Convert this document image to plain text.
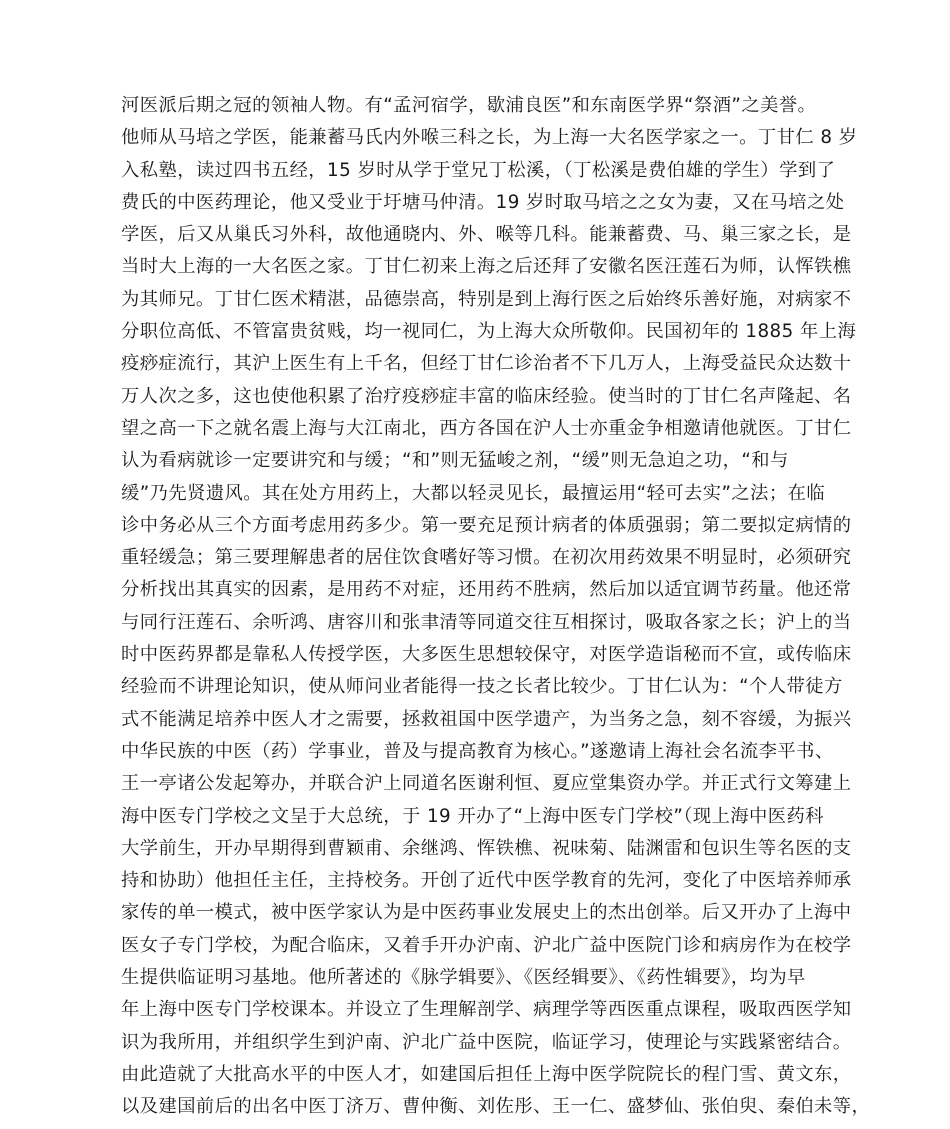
河医派后期之冠的领袖人物。有“孟河宿学，歇浦良医”和东南医学界“祭酒”之美誉。
他师从马培之学医，能兼蓄马氏内外喉三科之长，为上海一大名医学家之一。丁甘仁 8 岁
入私塾，读过四书五经，15 岁时从学于堂兄丁松溪，（丁松溪是费伯雄的学生）学到了
费氏的中医药理论，他又受业于圩塘马仲清。19 岁时取马培之之女为妻，又在马培之处
学医，后又从巢氏习外科，故他通晓内、外、喉等几科。能兼蓄费、马、巢三家之长，是
当时大上海的一大名医之家。丁甘仁初来上海之后还拜了安徽名医汪莲石为师，认恽铁樵
为其师兄。丁甘仁医术精湛，品德崇高，特别是到上海行医之后始终乐善好施，对病家不
分职位高低、不管富贵贫贱，均一视同仁，为上海大众所敬仰。民国初年的 1885 年上海
疫痧症流行，其沪上医生有上千名，但经丁甘仁诊治者不下几万人，上海受益民众达数十
万人次之多，这也使他积累了治疗疫痧症丰富的临床经验。使当时的丁甘仁名声隆起、名
望之高一下之就名震上海与大江南北，西方各国在沪人士亦重金争相邀请他就医。丁甘仁
认为看病就诊一定要讲究和与缓；“和”则无猛峻之剂，“缓”则无急迫之功，“和与
缓”乃先贤遗风。其在处方用药上，大都以轻灵见长，最擅运用“轻可去实”之法；在临
诊中务必从三个方面考虑用药多少。第一要充足预计病者的体质强弱；第二要拟定病情的
重轻缓急；第三要理解患者的居住饮食嗜好等习惯。在初次用药效果不明显时，必须研究
分析找出其真实的因素，是用药不对症，还用药不胜病，然后加以适宜调节药量。他还常
与同行汪莲石、余听鸿、唐容川和张聿清等同道交往互相探讨，吸取各家之长；沪上的当
时中医药界都是靠私人传授学医，大多医生思想较保守，对医学造诣秘而不宣，或传临床
经验而不讲理论知识，使从师问业者能得一技之长者比较少。丁甘仁认为：“个人带徒方
式不能满足培养中医人才之需要，拯救祖国中医学遗产，为当务之急，刻不容缓，为振兴
中华民族的中医（药）学事业，普及与提高教育为核心。”遂邀请上海社会名流李平书、
王一亭诸公发起筹办，并联合沪上同道名医谢利恒、夏应堂集资办学。并正式行文筹建上
海中医专门学校之文呈于大总统，于 19 开办了“上海中医专门学校”（现上海中医药科
大学前生，开办早期得到曹颖甫、余继鸿、恽铁樵、祝味菊、陆渊雷和包识生等名医的支
持和协助）他担任主任，主持校务。开创了近代中医学教育的先河，变化了中医培养师承
家传的单一模式，被中医学家认为是中医药事业发展史上的杰出创举。后又开办了上海中
医女子专门学校，为配合临床，又着手开办沪南、沪北广益中医院门诊和病房作为在校学
生提供临证明习基地。他所著述的《脉学辑要》、《医经辑要》、《药性辑要》，均为早
年上海中医专门学校课本。并设立了生理解剖学、病理学等西医重点课程，吸取西医学知
识为我所用，并组织学生到沪南、沪北广益中医院，临证学习，使理论与实践紧密结合。
由此造就了大批高水平的中医人才，如建国后担任上海中医学院院长的程门雪、黄文东，
以及建国前后的出名中医丁济万、曹仲衡、刘佐彤、王一仁、盛梦仙、张伯臾、秦伯未等，
